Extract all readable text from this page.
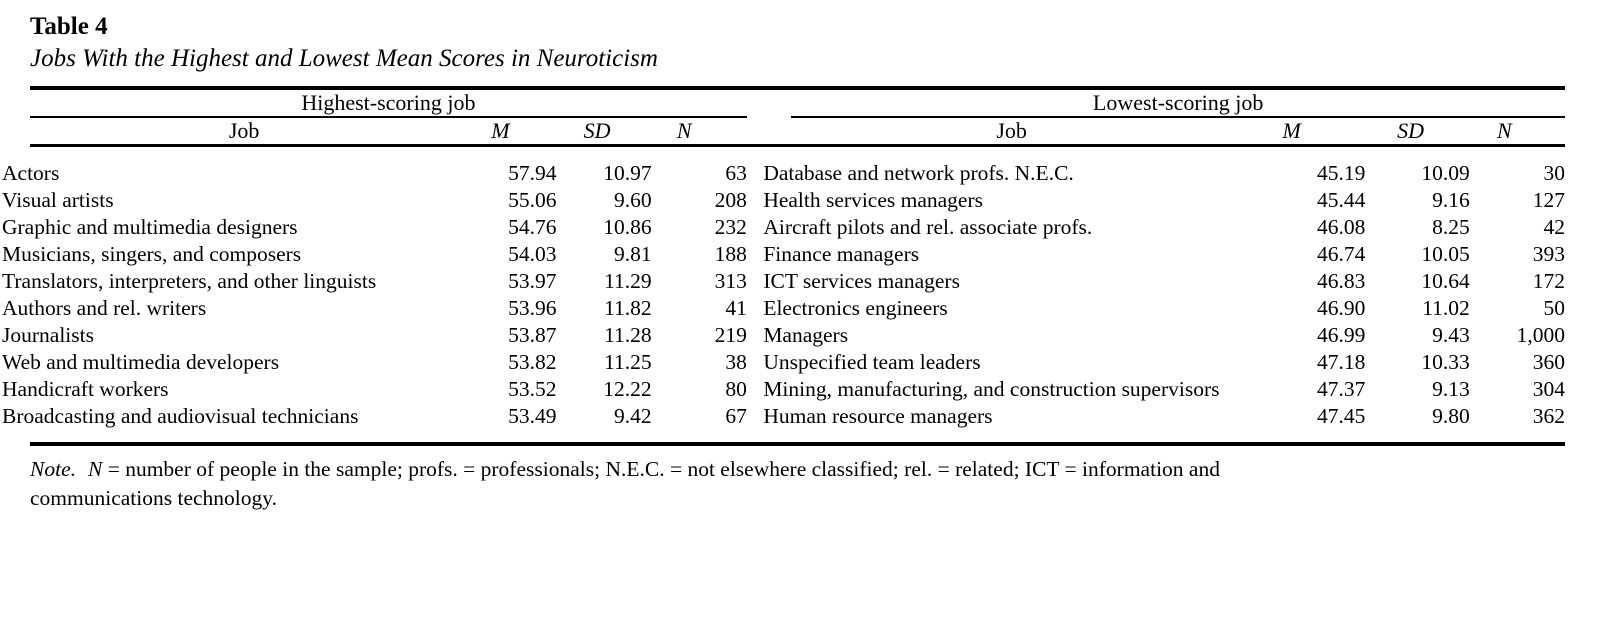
Table 4
Jobs With the Highest and Lowest Mean Scores in Neuroticism
Highest-scoring job					Lowest-scoring job			
Job	M	SD	N		Job	M	SD	N
Actors	57.94	10.97	63		Database and network profs. N.E.C.	45.19	10.09	30
Visual artists	55.06	9.60	208		Health services managers	45.44	9.16	127
Graphic and multimedia designers	54.76	10.86	232		Aircraft pilots and rel. associate profs.	46.08	8.25	42
Musicians, singers, and composers	54.03	9.81	188		Finance managers	46.74	10.05	393
Translators, interpreters, and other linguists	53.97	11.29	313		ICT services managers	46.83	10.64	172
Authors and rel. writers	53.96	11.82	41		Electronics engineers	46.90	11.02	50
Journalists	53.87	11.28	219		Managers	46.99	9.43	1,000
Web and multimedia developers	53.82	11.25	38		Unspecified team leaders	47.18	10.33	360
Handicraft workers	53.52	12.22	80		Mining, manufacturing, and construction supervisors	47.37	9.13	304
Broadcasting and audiovisual technicians	53.49	9.42	67		Human resource managers	47.45	9.80	362

Note. N = number of people in the sample; profs. = professionals; N.E.C. = not elsewhere classified; rel. = related; ICT = information and
communications technology.
